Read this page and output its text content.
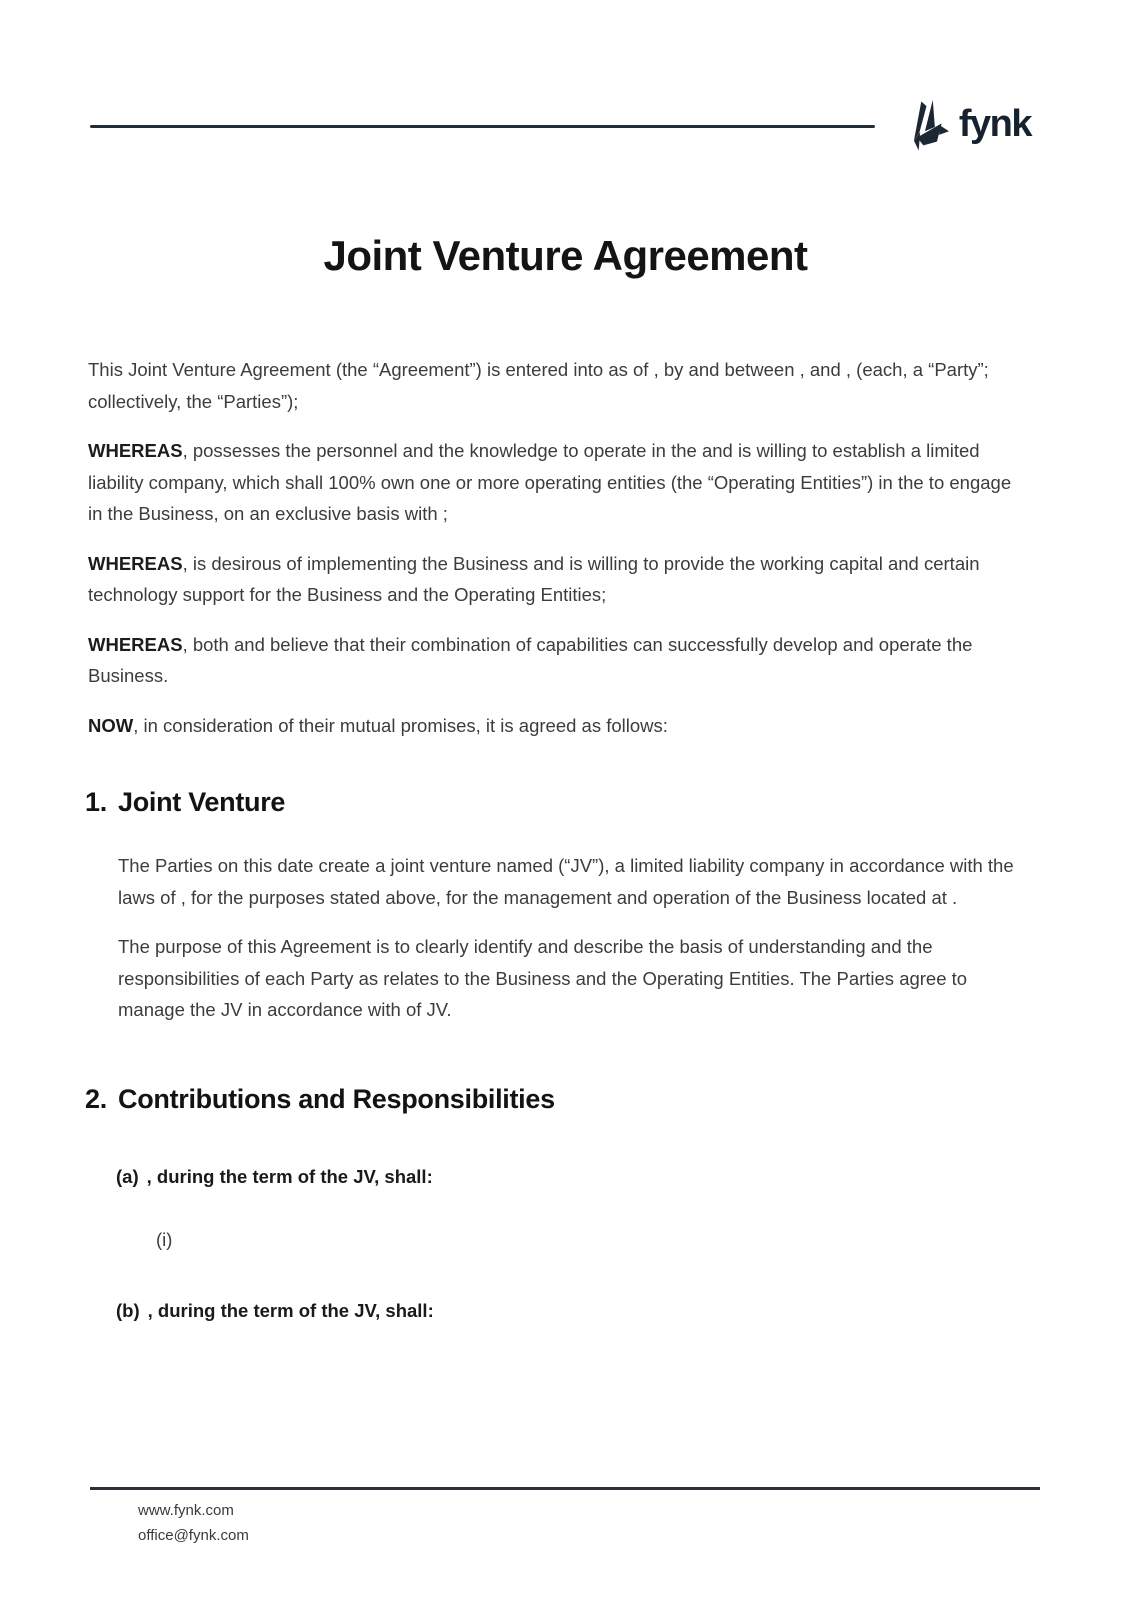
fynk
Joint Venture Agreement

This Joint Venture Agreement (the “Agreement”) is entered into as of , by and between , and , (each, a “Party”; collectively, the “Parties”);

WHEREAS, possesses the personnel and the knowledge to operate in the and is willing to establish a limited liability company, which shall 100% own one or more operating entities (the “Operating Entities”) in the to engage in the Business, on an exclusive basis with ;

WHEREAS, is desirous of implementing the Business and is willing to provide the working capital and certain technology support for the Business and the Operating Entities;

WHEREAS, both and believe that their combination of capabilities can successfully develop and operate the Business.

NOW, in consideration of their mutual promises, it is agreed as follows:

1. Joint Venture

The Parties on this date create a joint venture named (“JV”), a limited liability company in accordance with the laws of , for the purposes stated above, for the management and operation of the Business located at .

The purpose of this Agreement is to clearly identify and describe the basis of understanding and the responsibilities of each Party as relates to the Business and the Operating Entities. The Parties agree to manage the JV in accordance with of JV.

2. Contributions and Responsibilities

(a) , during the term of the JV, shall:

(i)

(b) , during the term of the JV, shall:

www.fynk.com
office@fynk.com
